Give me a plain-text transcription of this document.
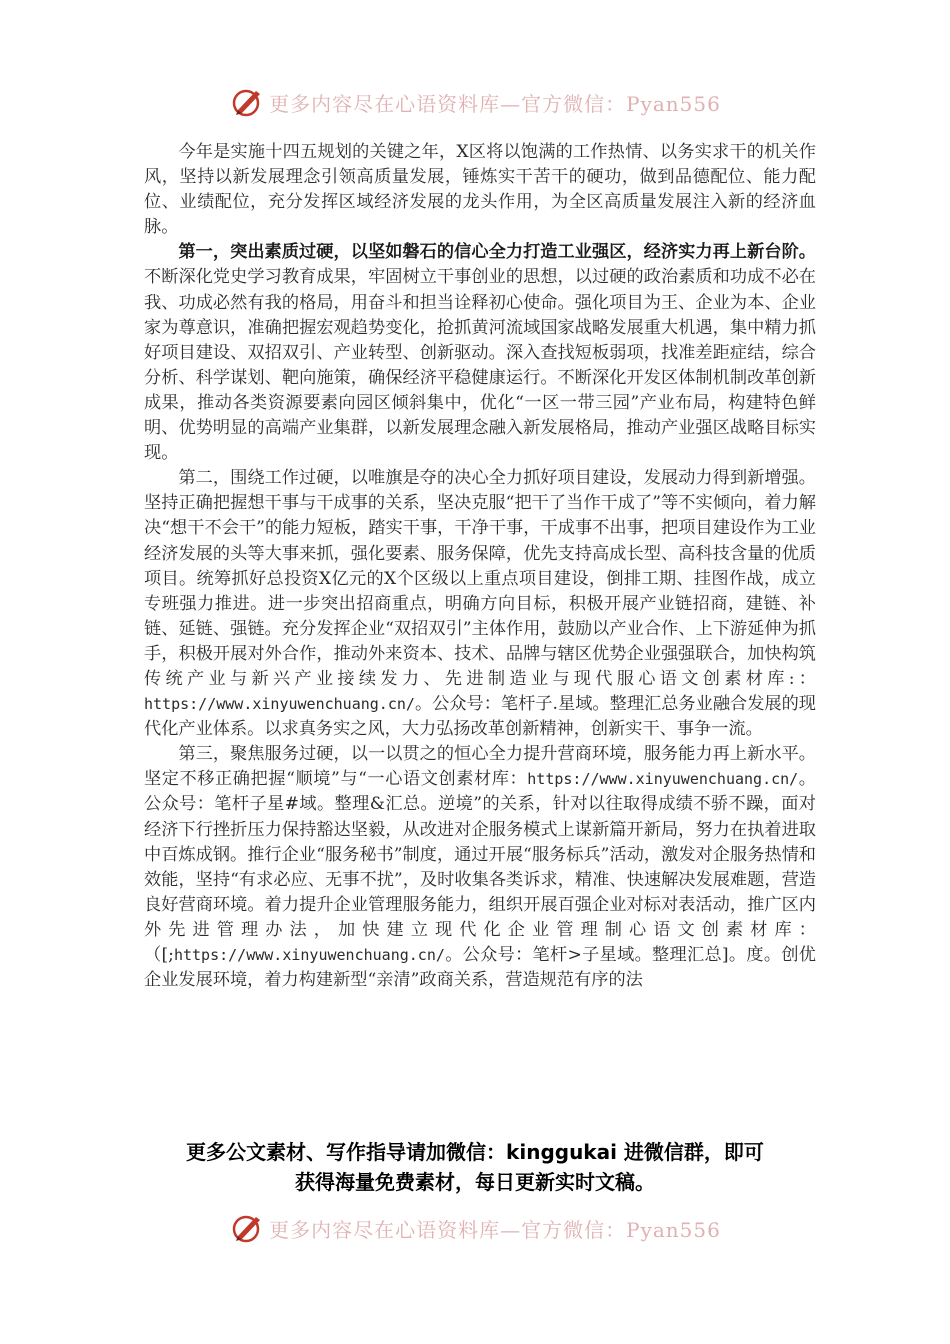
更多内容尽在心语资料库—官方微信：Pyan556

今年是实施十四五规划的关键之年，X区将以饱满的工作热情、以务实求干的机关作风，坚持以新发展理念引领高质量发展，锤炼实干苦干的硬功，做到品德配位、能力配位、业绩配位，充分发挥区域经济发展的龙头作用，为全区高质量发展注入新的经济血脉。

第一，突出素质过硬，以坚如磐石的信心全力打造工业强区，经济实力再上新台阶。不断深化党史学习教育成果，牢固树立干事创业的思想，以过硬的政治素质和功成不必在我、功成必然有我的格局，用奋斗和担当诠释初心使命。强化项目为王、企业为本、企业家为尊意识，准确把握宏观趋势变化，抢抓黄河流域国家战略发展重大机遇，集中精力抓好项目建设、双招双引、产业转型、创新驱动。深入查找短板弱项，找准差距症结，综合分析、科学谋划、靶向施策，确保经济平稳健康运行。不断深化开发区体制机制改革创新成果，推动各类资源要素向园区倾斜集中，优化“一区一带三园”产业布局，构建特色鲜明、优势明显的高端产业集群，以新发展理念融入新发展格局，推动产业强区战略目标实现。

第二，围绕工作过硬，以唯旗是夺的决心全力抓好项目建设，发展动力得到新增强。坚持正确把握想干事与干成事的关系，坚决克服“把干了当作干成了”等不实倾向，着力解决“想干不会干”的能力短板，踏实干事，干净干事，干成事不出事，把项目建设作为工业经济发展的头等大事来抓，强化要素、服务保障，优先支持高成长型、高科技含量的优质项目。统筹抓好总投资X亿元的X个区级以上重点项目建设，倒排工期、挂图作战，成立专班强力推进。进一步突出招商重点，明确方向目标，积极开展产业链招商，建链、补链、延链、强链。充分发挥企业“双招双引”主体作用，鼓励以产业合作、上下游延伸为抓手，积极开展对外合作，推动外来资本、技术、品牌与辖区优势企业强强联合，加快构筑传统产业与新兴产业接续发力、先进制造业与现代服心语文创素材库:：https://www.xinyuwenchuang.cn/。公众号：笔杆子.星域。整理汇总务业融合发展的现代化产业体系。以求真务实之风，大力弘扬改革创新精神，创新实干、事争一流。

第三，聚焦服务过硬，以一以贯之的恒心全力提升营商环境，服务能力再上新水平。坚定不移正确把握“顺境”与“一心语文创素材库：https://www.xinyuwenchuang.cn/。公众号：笔杆子星#域。整理&汇总。逆境”的关系，针对以往取得成绩不骄不躁，面对经济下行挫折压力保持豁达坚毅，从改进对企服务模式上谋新篇开新局，努力在执着进取中百炼成钢。推行企业“服务秘书”制度，通过开展“服务标兵”活动，激发对企服务热情和效能，坚持“有求必应、无事不扰”，及时收集各类诉求，精准、快速解决发展难题，营造良好营商环境。着力提升企业管理服务能力，组织开展百强企业对标对表活动，推广区内外先进管理办法，加快建立现代化企业管理制心语文创素材库：（[;https://www.xinyuwenchuang.cn/。公众号：笔杆>子星域。整理汇总]。度。创优企业发展环境，着力构建新型“亲清”政商关系，营造规范有序的法

更多公文素材、写作指导请加微信：kinggukai 进微信群，即可
获得海量免费素材，每日更新实时文稿。
更多内容尽在心语资料库—官方微信：Pyan556
